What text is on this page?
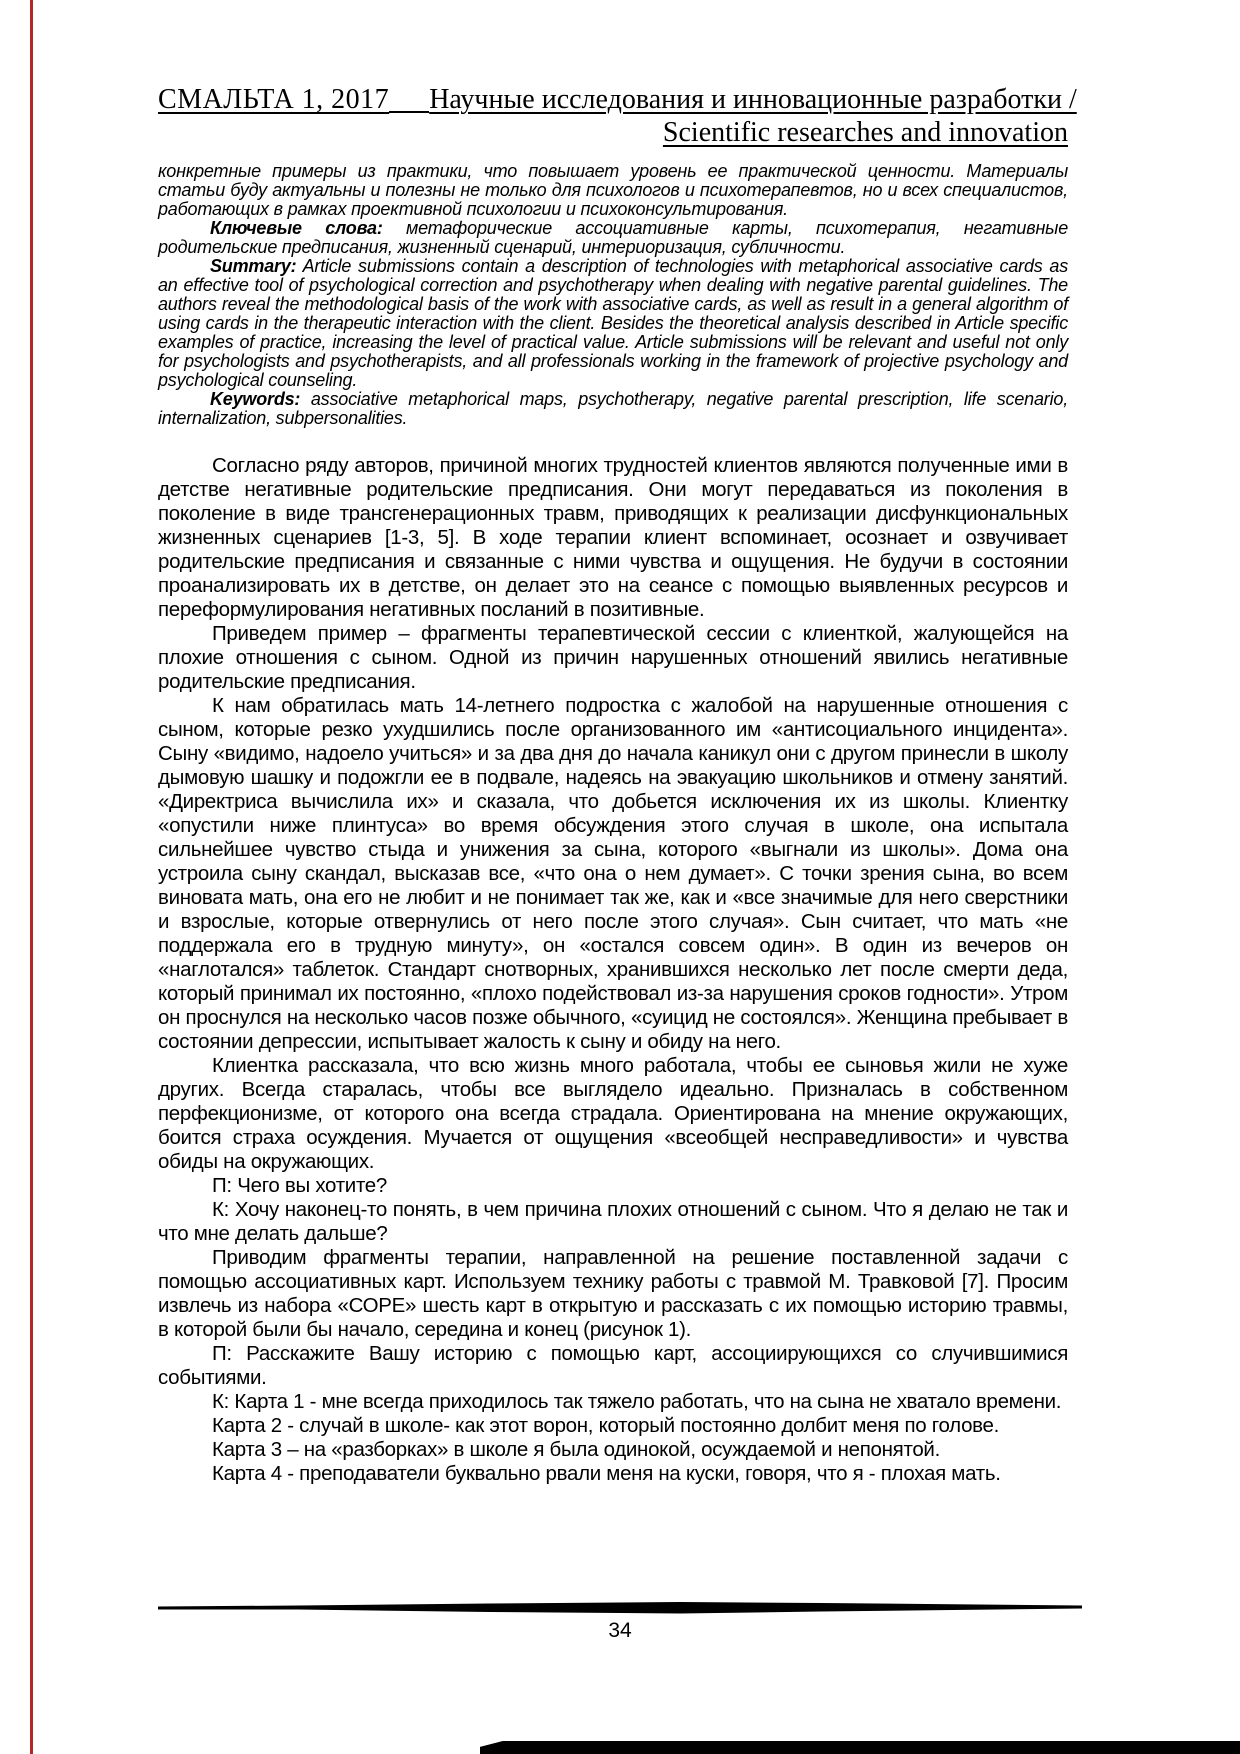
СМАЛЬТА 1, 2017 Научные исследования и инновационные разработки /
Scientific researches and innovation

конкретные примеры из практики, что повышает уровень ее практической ценности. Материалы статьи буду актуальны и полезны не только для психологов и психотерапевтов, но и всех специалистов, работающих в рамках проективной психологии и психоконсультирования.

Ключевые слова: метафорические ассоциативные карты, психотерапия, негативные родительские предписания, жизненный сценарий, интериоризация, субличности.

Summary: Article submissions contain a description of technologies with metaphorical associative cards as an effective tool of psychological correction and psychotherapy when dealing with negative parental guidelines. The authors reveal the methodological basis of the work with associative cards, as well as result in a general algorithm of using cards in the therapeutic interaction with the client. Besides the theoretical analysis described in Article specific examples of practice, increasing the level of practical value. Article submissions will be relevant and useful not only for psychologists and psychotherapists, and all professionals working in the framework of projective psychology and psychological counseling.

Keywords: associative metaphorical maps, psychotherapy, negative parental prescription, life scenario, internalization, subpersonalities.

Согласно ряду авторов, причиной многих трудностей клиентов являются полученные ими в детстве негативные родительские предписания. Они могут передаваться из поколения в поколение в виде трансгенерационных травм, приводящих к реализации дисфункциональных жизненных сценариев [1-3, 5]. В ходе терапии клиент вспоминает, осознает и озвучивает родительские предписания и связанные с ними чувства и ощущения. Не будучи в состоянии проанализировать их в детстве, он делает это на сеансе с помощью выявленных ресурсов и переформулирования негативных посланий в позитивные.

Приведем пример – фрагменты терапевтической сессии с клиенткой, жалующейся на плохие отношения с сыном. Одной из причин нарушенных отношений явились негативные родительские предписания.

К нам обратилась мать 14-летнего подростка с жалобой на нарушенные отношения с сыном, которые резко ухудшились после организованного им «антисоциального инцидента». Сыну «видимо, надоело учиться» и за два дня до начала каникул они с другом принесли в школу дымовую шашку и подожгли ее в подвале, надеясь на эвакуацию школьников и отмену занятий. «Директриса вычислила их» и сказала, что добьется исключения их из школы. Клиентку «опустили ниже плинтуса» во время обсуждения этого случая в школе, она испытала сильнейшее чувство стыда и унижения за сына, которого «выгнали из школы». Дома она устроила сыну скандал, высказав все, «что она о нем думает». С точки зрения сына, во всем виновата мать, она его не любит и не понимает так же, как и «все значимые для него сверстники и взрослые, которые отвернулись от него после этого случая». Сын считает, что мать «не поддержала его в трудную минуту», он «остался совсем один». В один из вечеров он «наглотался» таблеток. Стандарт снотворных, хранившихся несколько лет после смерти деда, который принимал их постоянно, «плохо подействовал из-за нарушения сроков годности». Утром он проснулся на несколько часов позже обычного, «суицид не состоялся». Женщина пребывает в состоянии депрессии, испытывает жалость к сыну и обиду на него.

Клиентка рассказала, что всю жизнь много работала, чтобы ее сыновья жили не хуже других. Всегда старалась, чтобы все выглядело идеально. Призналась в собственном перфекционизме, от которого она всегда страдала. Ориентирована на мнение окружающих, боится страха осуждения. Мучается от ощущения «всеобщей несправедливости» и чувства обиды на окружающих.

П: Чего вы хотите?

К: Хочу наконец-то понять, в чем причина плохих отношений с сыном. Что я делаю не так и что мне делать дальше?

Приводим фрагменты терапии, направленной на решение поставленной задачи с помощью ассоциативных карт. Используем технику работы с травмой М. Травковой [7]. Просим извлечь из набора «СОРЕ» шесть карт в открытую и рассказать с их помощью историю травмы, в которой были бы начало, середина и конец (рисунок 1).

П: Расскажите Вашу историю с помощью карт, ассоциирующихся со случившимися событиями.

К: Карта 1 - мне всегда приходилось так тяжело работать, что на сына не хватало времени.

Карта 2 - случай в школе- как этот ворон, который постоянно долбит меня по голове.

Карта 3 – на «разборках» в школе я была одинокой, осуждаемой и непонятой.

Карта 4 - преподаватели буквально рвали меня на куски, говоря, что я - плохая мать.

34
